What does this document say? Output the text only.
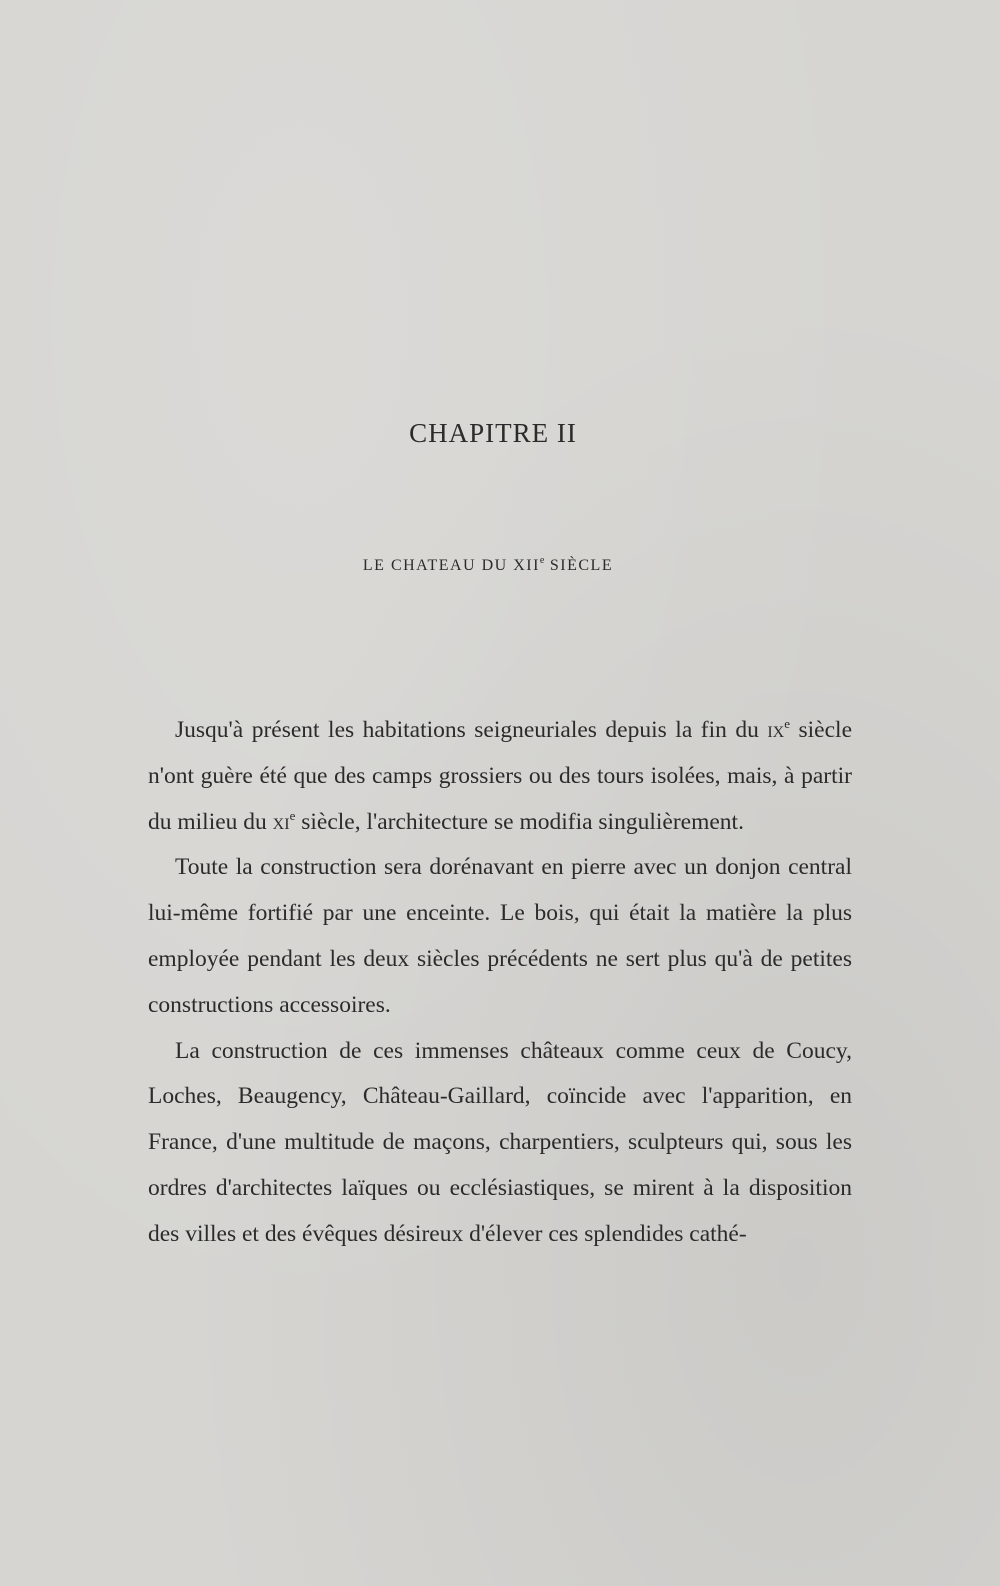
CHAPITRE II
LE CHATEAU DU XIIe SIÈCLE

Jusqu'à présent les habitations seigneuriales depuis la fin du $ix^e$ siècle n'ont guère été que des camps grossiers ou des tours isolées, mais, à partir du milieu du $xi^e$ siècle, l'architecture se modifia singulièrement.

Toute la construction sera dorénavant en pierre avec un donjon central lui-même fortifié par une enceinte. Le bois, qui était la matière la plus employée pendant les deux siècles précédents ne sert plus qu'à de petites constructions accessoires.

La construction de ces immenses châteaux comme ceux de Coucy, Loches, Beaugency, Château-Gaillard, coïncide avec l'apparition, en France, d'une multitude de maçons, charpentiers, sculpteurs qui, sous les ordres d'architectes laïques ou ecclésiastiques, se mirent à la disposition des villes et des évêques désireux d'élever ces splendides cathé-
